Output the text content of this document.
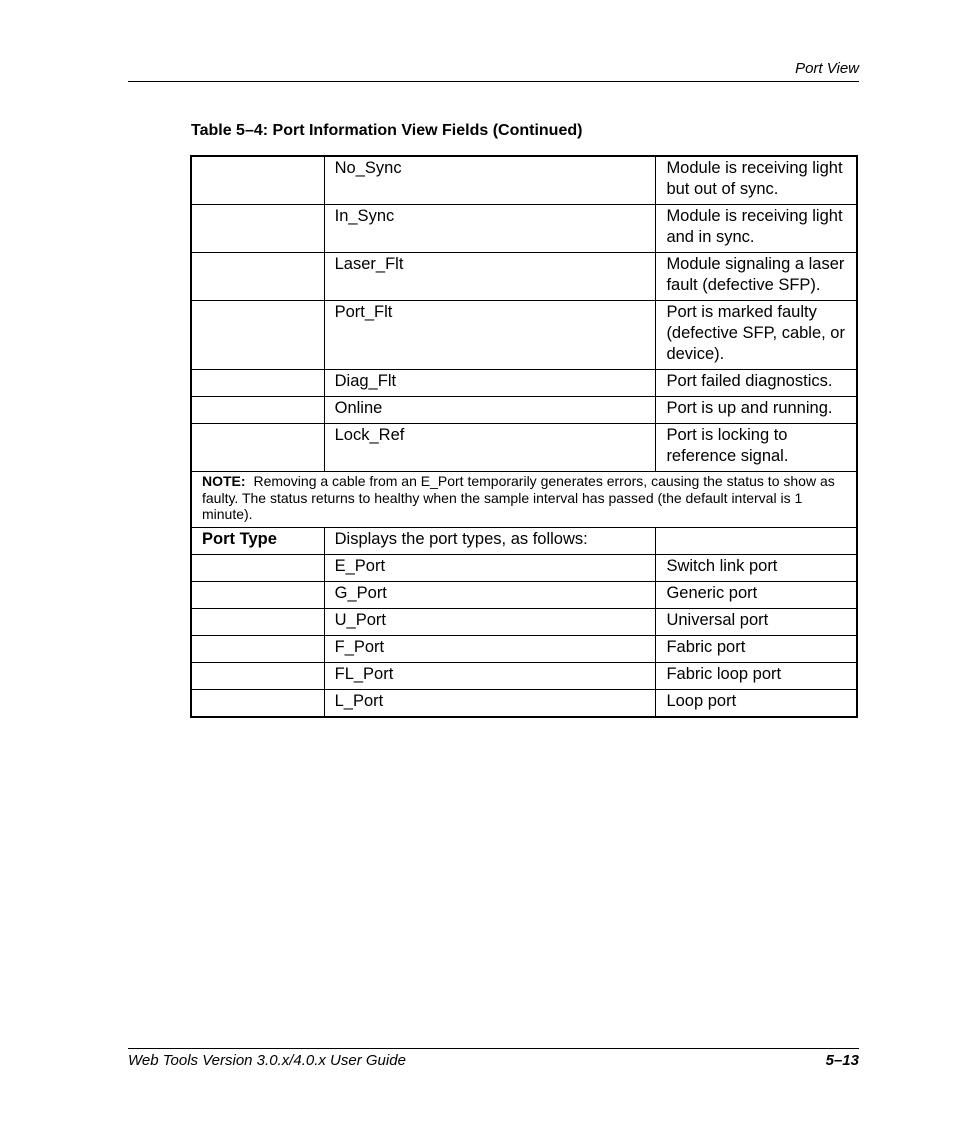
Port View
Table 5–4: Port Information View Fields (Continued)
	No_Sync	Module is receiving light but out of sync.
	In_Sync	Module is receiving light and in sync.
	Laser_Flt	Module signaling a laser fault (defective SFP).
	Port_Flt	Port is marked faulty (defective SFP, cable, or device).
	Diag_Flt	Port failed diagnostics.
	Online	Port is up and running.
	Lock_Ref	Port is locking to reference signal.
NOTE: Removing a cable from an E_Port temporarily generates errors, causing the status to show as faulty. The status returns to healthy when the sample interval has passed (the default interval is 1 minute).		
Port Type	Displays the port types, as follows:	
	E_Port	Switch link port
	G_Port	Generic port
	U_Port	Universal port
	F_Port	Fabric port
	FL_Port	Fabric loop port
	L_Port	Loop port
Web Tools Version 3.0.x/4.0.x User Guide	5–13
